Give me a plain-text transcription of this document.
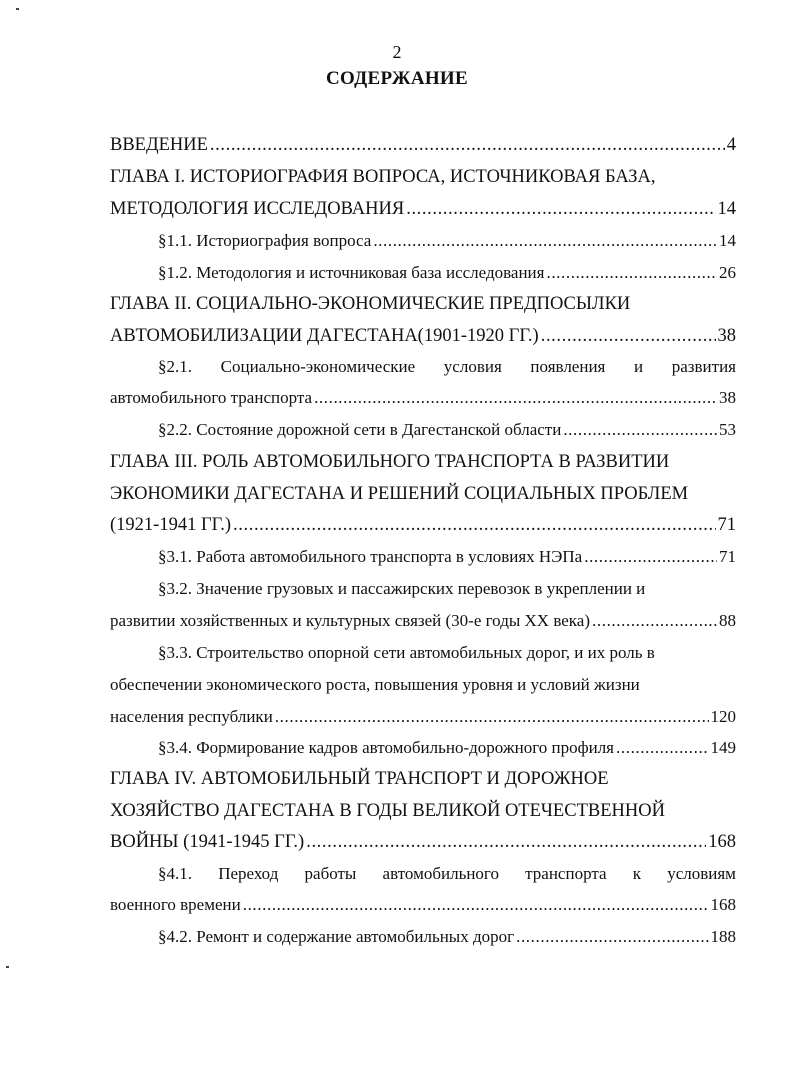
2
СОДЕРЖАНИЕ
ВВЕДЕНИЕ .....	4
ГЛАВА I. ИСТОРИОГРАФИЯ ВОПРОСА, ИСТОЧНИКОВАЯ БАЗА,
МЕТОДОЛОГИЯ ИССЛЕДОВАНИЯ .....	14
§1.1. Историография вопроса .....	14
§1.2. Методология и источниковая база исследования .....	26
ГЛАВА II. СОЦИАЛЬНО-ЭКОНОМИЧЕСКИЕ ПРЕДПОСЫЛКИ
АВТОМОБИЛИЗАЦИИ ДАГЕСТАНА(1901-1920 ГГ.) .....	38
§2.1. Социально-экономические условия появления и развития
автомобильного транспорта .....	38
§2.2. Состояние дорожной сети в Дагестанской области .....	53
ГЛАВА III. РОЛЬ АВТОМОБИЛЬНОГО ТРАНСПОРТА В РАЗВИТИИ
ЭКОНОМИКИ ДАГЕСТАНА И РЕШЕНИЙ СОЦИАЛЬНЫХ ПРОБЛЕМ
(1921-1941 ГГ.) .....	71
§3.1. Работа автомобильного транспорта в условиях НЭПа .....	71
§3.2. Значение грузовых и пассажирских перевозок в укреплении и
развитии хозяйственных и культурных связей (30-е годы XX века) .....	88
§3.3. Строительство опорной сети автомобильных дорог, и их роль в
обеспечении экономического роста, повышения уровня и условий жизни
населения республики .....	120
§3.4. Формирование кадров автомобильно-дорожного профиля .....	149
ГЛАВА IV. АВТОМОБИЛЬНЫЙ ТРАНСПОРТ И ДОРОЖНОЕ
ХОЗЯЙСТВО ДАГЕСТАНА В ГОДЫ ВЕЛИКОЙ ОТЕЧЕСТВЕННОЙ
ВОЙНЫ (1941-1945 ГГ.) .....	168
§4.1. Переход работы автомобильного транспорта к условиям
военного времени .....	168
§4.2. Ремонт и содержание автомобильных дорог .....	188
